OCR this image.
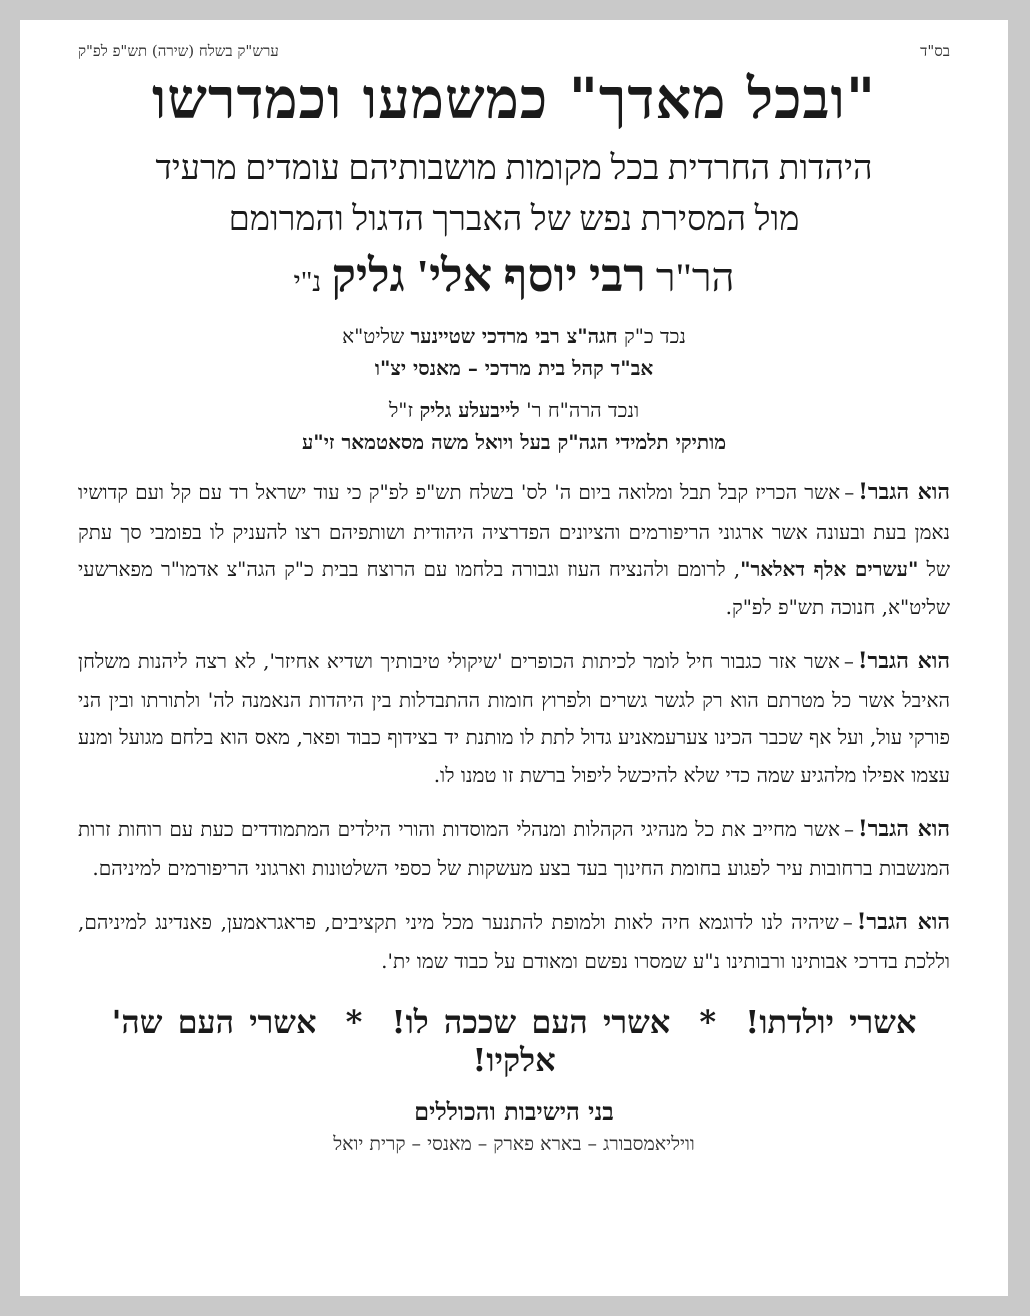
בס"ד
ערש"ק בשלח (שירה) תש"פ לפ"ק
"ובכל מאדך" כמשמעו וכמדרשו

היהדות החרדית בכל מקומות מושבותיהם עומדים מרעיד

מול המסירת נפש של האברך הדגול והמרומם

הר"ר רבי יוסף אלי' גליק נ"י

נכד כ"ק חגה"צ רבי מרדכי שטיינער שליט"א

אב"ד קהל בית מרדכי – מאנסי יצ"ו

ונכד הרה"ח ר' לייבעלע גליק ז"ל

מותיקי תלמידי הגה"ק בעל ויואל משה מסאטמאר זי"ע

הוא הגבר!–אשר הכריז קבל תבל ומלואה ביום ה' לס' בשלח תש"פ לפ"ק כי עוד ישראל רד עם קל ועם קדושיו נאמן בעת ובעונה אשר ארגוני הריפורמים והציונים הפדרציה היהודית ושותפיהם רצו להעניק לו בפומבי סך עתק של "עשרים אלף דאלאר", לרומם ולהנציח העוז וגבורה בלחמו עם הרוצח בבית כ"ק הגה"צ אדמו"ר מפארשעי שליט"א, חנוכה תש"פ לפ"ק.

הוא הגבר!–אשר אזר כגבור חיל לומר לכיתות הכופרים 'שיקולי טיבותיך ושדיא אחיזר', לא רצה ליהנות משלחן האיבל אשר כל מטרתם הוא רק לגשר גשרים ולפרוץ חומות ההתבדלות בין היהדות הנאמנה לה' ולתורתו ובין הני פורקי עול, ועל אף שכבר הכינו צערעמאניע גדול לתת לו מותנת יד בצידוף כבוד ופאר, מאס הוא בלחם מגועל ומנע עצמו אפילו מלהגיע שמה כדי שלא להיכשל ליפול ברשת זו טמנו לו.

הוא הגבר!–אשר מחייב את כל מנהיגי הקהלות ומנהלי המוסדות והורי הילדים המתמודדים כעת עם רוחות זרות המנשבות ברחובות עיר לפגוע בחומת החינוך בעד בצע מעשקות של כספי השלטונות וארגוני הריפורמים למיניהם.

הוא הגבר!–שיהיה לנו לדוגמא חיה לאות ולמופת להתנער מכל מיני תקציבים, פראגראמען, פאנדינג למיניהם, וללכת בדרכי אבותינו ורבותינו נ"ע שמסרו נפשם ומאודם על כבוד שמו ית'.

אשרי יולדתו! * אשרי העם שככה לו! * אשרי העם שה' אלקיו!
בני הישיבות והכוללים

וויליאמסבורג – בארא פארק – מאנסי – קרית יואל
